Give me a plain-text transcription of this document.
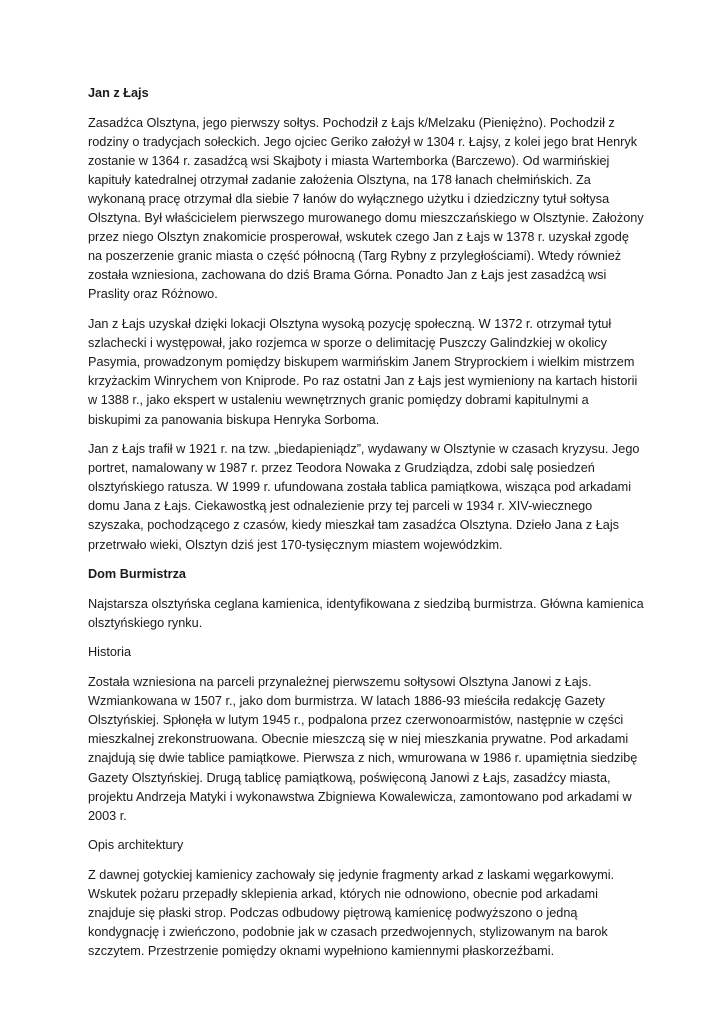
Jan z Łajs

Zasadźca Olsztyna, jego pierwszy sołtys. Pochodził z Łajs k/Melzaku (Pieniężno). Pochodził z rodziny o tradycjach sołeckich. Jego ojciec Geriko założył w 1304 r. Łajsy, z kolei jego brat Henryk zostanie w 1364 r. zasadźcą wsi Skajboty i miasta Wartemborka (Barczewo). Od warmińskiej kapituły katedralnej otrzymał zadanie założenia Olsztyna, na 178 łanach chełmińskich. Za wykonaną pracę otrzymał dla siebie 7 łanów do wyłącznego użytku i dziedziczny tytuł sołtysa Olsztyna. Był właścicielem pierwszego murowanego domu mieszczańskiego w Olsztynie. Założony przez niego Olsztyn znakomicie prosperował, wskutek czego Jan z Łajs w 1378 r. uzyskał zgodę na poszerzenie granic miasta o część północną (Targ Rybny z przyległościami). Wtedy również została wzniesiona, zachowana do dziś Brama Górna. Ponadto Jan z Łajs jest zasadźcą wsi Praslity oraz Różnowo.

Jan z Łajs uzyskał dzięki lokacji Olsztyna wysoką pozycję społeczną. W 1372 r. otrzymał tytuł szlachecki i występował, jako rozjemca w sporze o delimitację Puszczy Galindzkiej w okolicy Pasymia, prowadzonym pomiędzy biskupem warmińskim Janem Stryprockiem i wielkim mistrzem krzyżackim Winrychem von Kniprode. Po raz ostatni Jan z Łajs jest wymieniony na kartach historii w 1388 r., jako ekspert w ustaleniu wewnętrznych granic pomiędzy dobrami kapitulnymi a biskupimi za panowania biskupa Henryka Sorboma.

Jan z Łajs trafił w 1921 r. na tzw. „biedapieniądz”, wydawany w Olsztynie w czasach kryzysu. Jego portret, namalowany w 1987 r. przez Teodora Nowaka z Grudziądza, zdobi salę posiedzeń olsztyńskiego ratusza. W 1999 r. ufundowana została tablica pamiątkowa, wisząca pod arkadami domu Jana z Łajs. Ciekawostką jest odnalezienie przy tej parceli w 1934 r. XIV-wiecznego szyszaka, pochodzącego z czasów, kiedy mieszkał tam zasadźca Olsztyna. Dzieło Jana z Łajs przetrwało wieki, Olsztyn dziś jest 170-tysięcznym miastem wojewódzkim.

Dom Burmistrza

Najstarsza olsztyńska ceglana kamienica, identyfikowana z siedzibą burmistrza. Główna kamienica olsztyńskiego rynku.

Historia

Została wzniesiona na parceli przynależnej pierwszemu sołtysowi Olsztyna Janowi z Łajs. Wzmiankowana w 1507 r., jako dom burmistrza. W latach 1886-93 mieściła redakcję Gazety Olsztyńskiej. Spłonęła w lutym 1945 r., podpalona przez czerwonoarmistów, następnie w części mieszkalnej zrekonstruowana. Obecnie mieszczą się w niej mieszkania prywatne. Pod arkadami znajdują się dwie tablice pamiątkowe. Pierwsza z nich, wmurowana w 1986 r. upamiętnia siedzibę Gazety Olsztyńskiej. Drugą tablicę pamiątkową, poświęconą Janowi z Łajs, zasadźcy miasta, projektu Andrzeja Matyki i wykonawstwa Zbigniewa Kowalewicza, zamontowano pod arkadami w 2003 r.

Opis architektury

Z dawnej gotyckiej kamienicy zachowały się jedynie fragmenty arkad z laskami węgarkowymi. Wskutek pożaru przepadły sklepienia arkad, których nie odnowiono, obecnie pod arkadami znajduje się płaski strop. Podczas odbudowy piętrową kamienicę podwyższono o jedną kondygnację i zwieńczono, podobnie jak w czasach przedwojennych, stylizowanym na barok szczytem. Przestrzenie pomiędzy oknami wypełniono kamiennymi płaskorzeźbami.
